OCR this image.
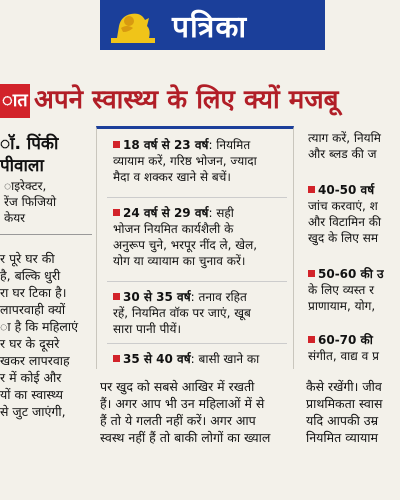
पत्रिका
ात अपने स्वास्थ्य के लिए क्यों मजबू
ॉ. पिंकी
पीवाला
ाइरेक्टर,
रेंज फिजियो
केयर
र पूरे घर की
है, बल्कि धुरी
रा घर टिका है।
लापरवाही क्यों
ा है कि महिलाएं
र घर के दूसरे
खकर लापरवाह
र में कोई और
यों का स्वास्थ्य
से जुट जाएंगी,
18 वर्ष से 23 वर्ष: नियमित
व्यायाम करें, गरिष्ठ भोजन, ज्यादा
मैदा व शक्कर खाने से बचें।
24 वर्ष से 29 वर्ष: सही
भोजन नियमित कार्यशैली के
अनुरूप चुने, भरपूर नींद ले, खेल,
योग या व्यायाम का चुनाव करें।
30 से 35 वर्ष: तनाव रहित
रहें, नियमित वॉक पर जाएं, खूब
सारा पानी पीयें।
35 से 40 वर्ष: बासी खाने का
त्याग करें, नियमि
और ब्लड की ज
40-50 वर्ष
जांच करवाएं, श
और विटामिन की
खुद के लिए सम
50-60 की उ
के लिए व्यस्त र
प्राणायाम, योग,
60-70 की
संगीत, वाद्य व प्र
पर खुद को सबसे आखिर में रखती
हैं। अगर आप भी उन महिलाओं में से
हैं तो ये गलती नहीं करें। अगर आप
स्वस्थ नहीं हैं तो बाकी लोगों का ख्याल
कैसे रखेंगी। जीव
प्राथमिकता स्वास
यदि आपकी उम्र
नियमित व्यायाम
